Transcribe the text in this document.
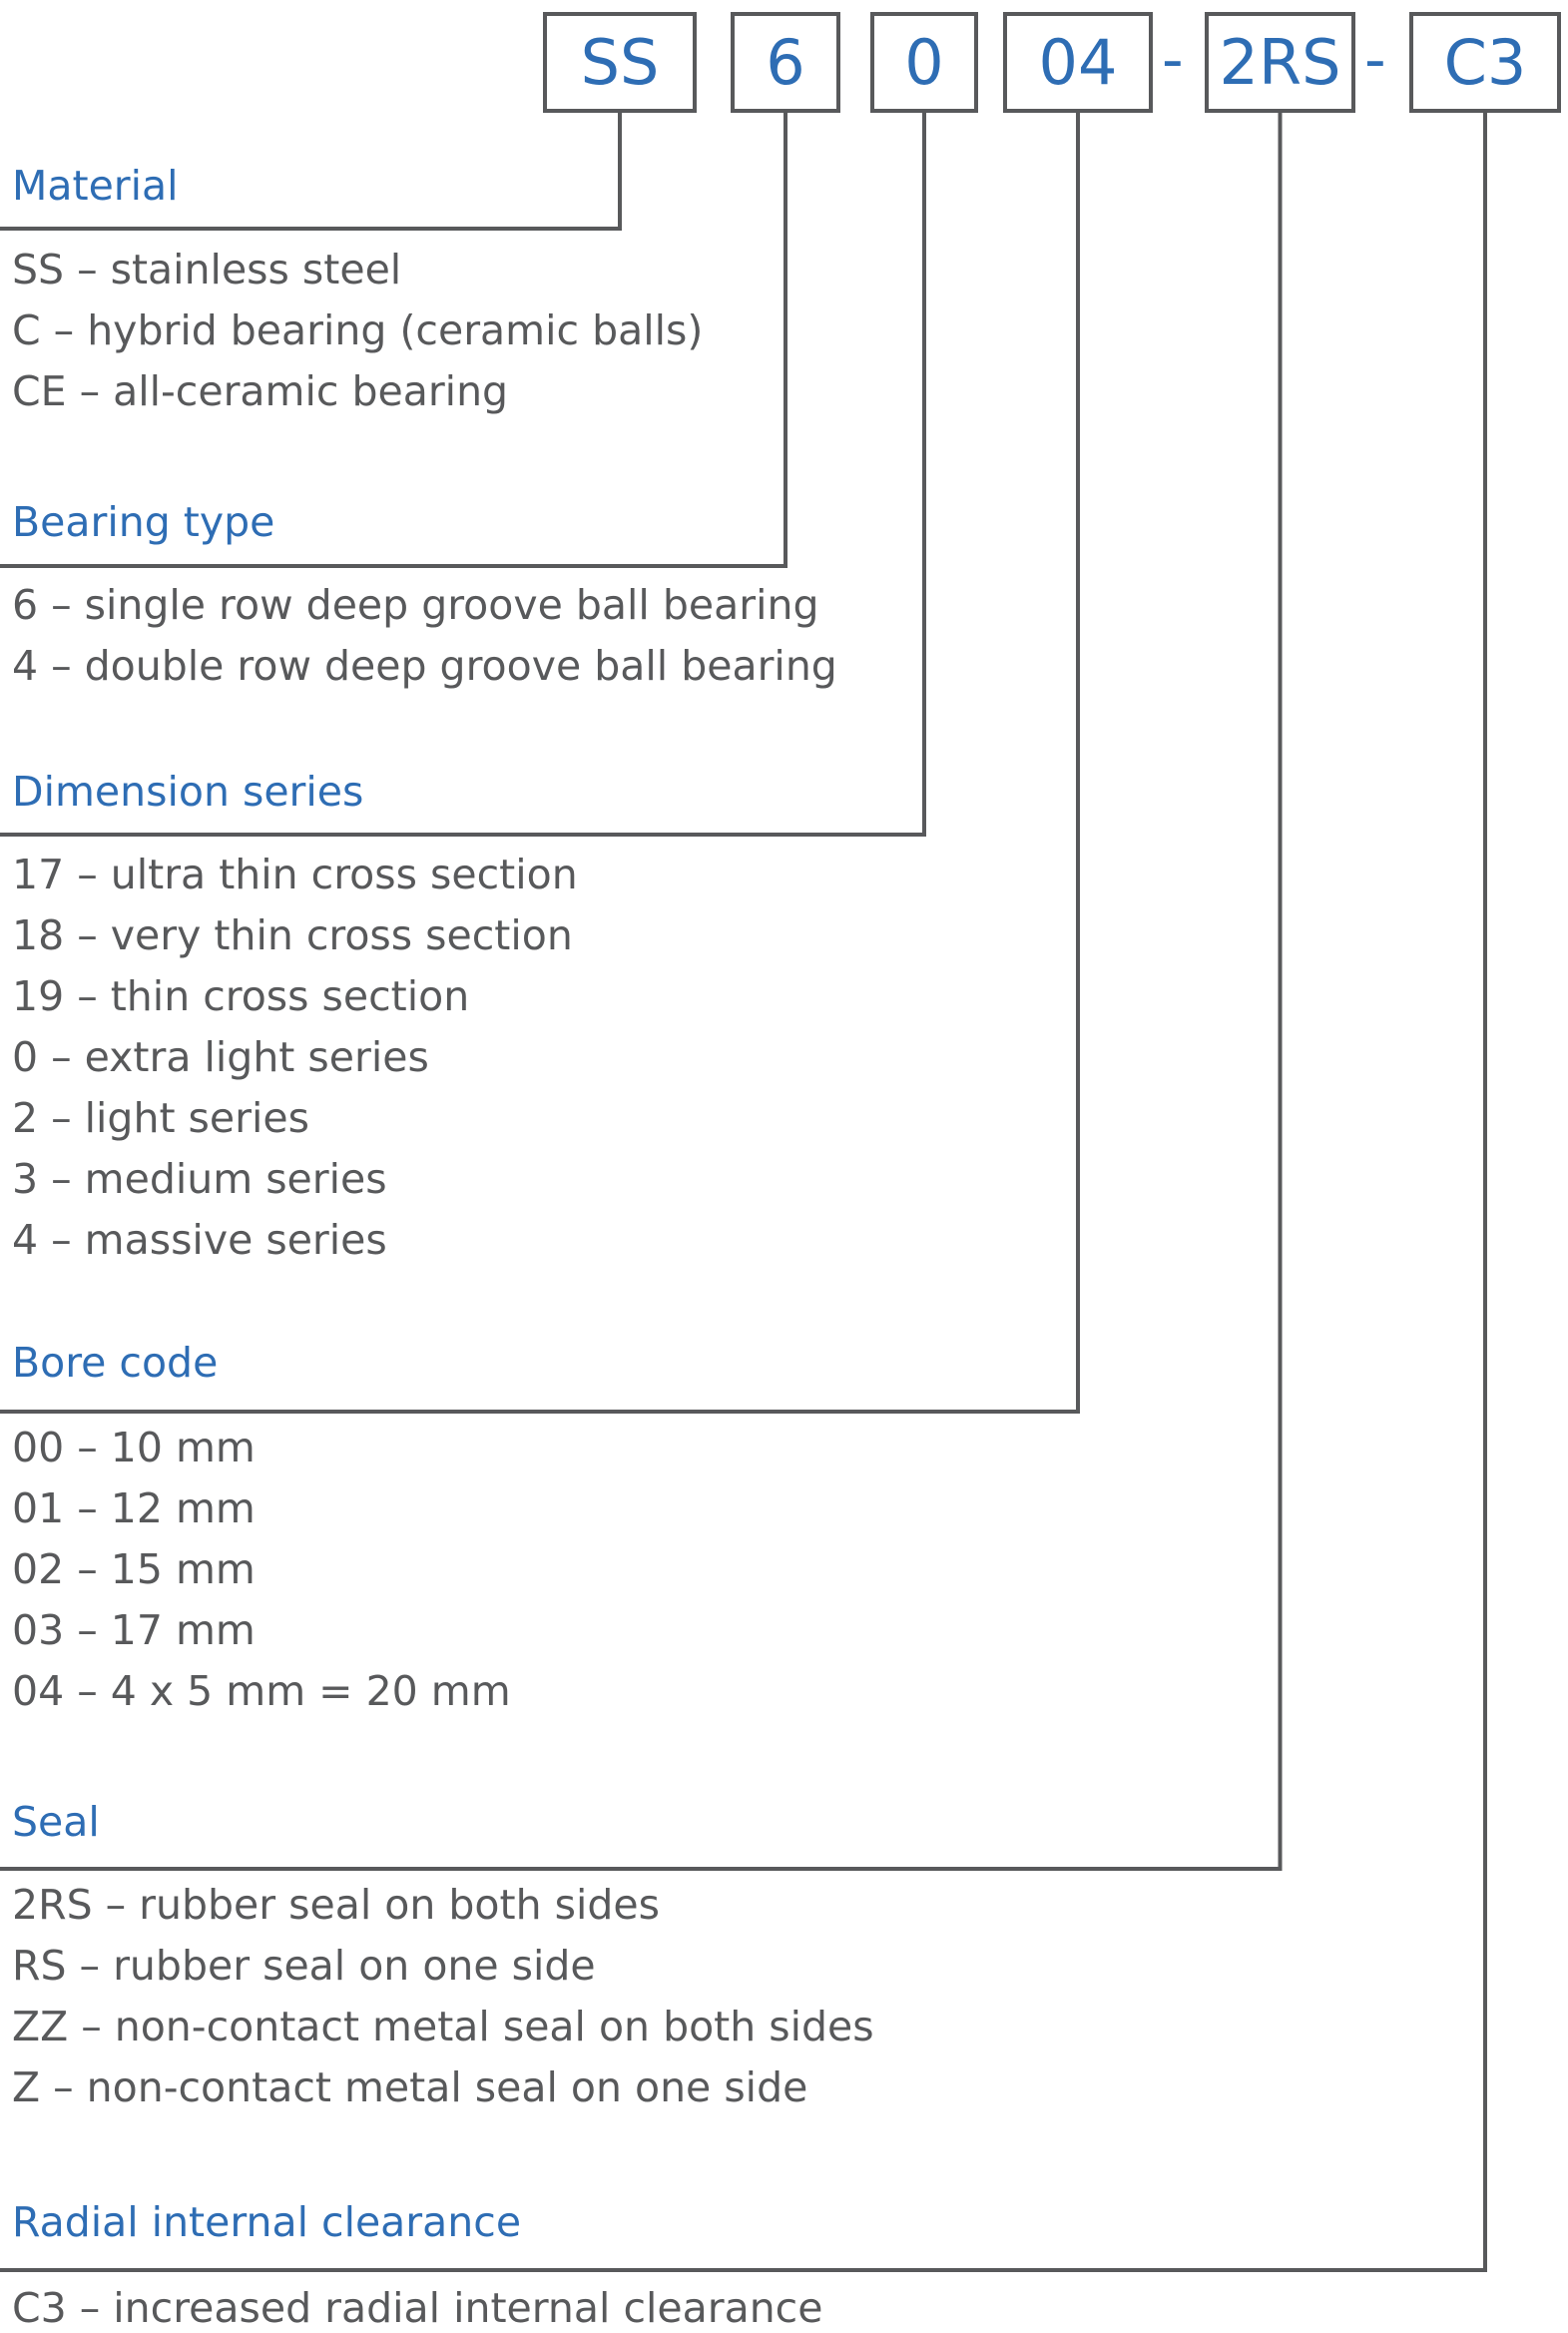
SS	6	0	04 - 2RS - C3
Material
SS – stainless steel
C – hybrid bearing (ceramic balls)
CE – all-ceramic bearing
Bearing type
6 – single row deep groove ball bearing
4 – double row deep groove ball bearing
Dimension series
17 – ultra thin cross section
18 – very thin cross section
19 – thin cross section
0 – extra light series
2 – light series
3 – medium series
4 – massive series
Bore code
00 – 10 mm
01 – 12 mm
02 – 15 mm
03 – 17 mm
04 – 4 x 5 mm = 20 mm
Seal
2RS – rubber seal on both sides
RS – rubber seal on one side
ZZ – non-contact metal seal on both sides
Z – non-contact metal seal on one side
Radial internal clearance
C3 – increased radial internal clearance
